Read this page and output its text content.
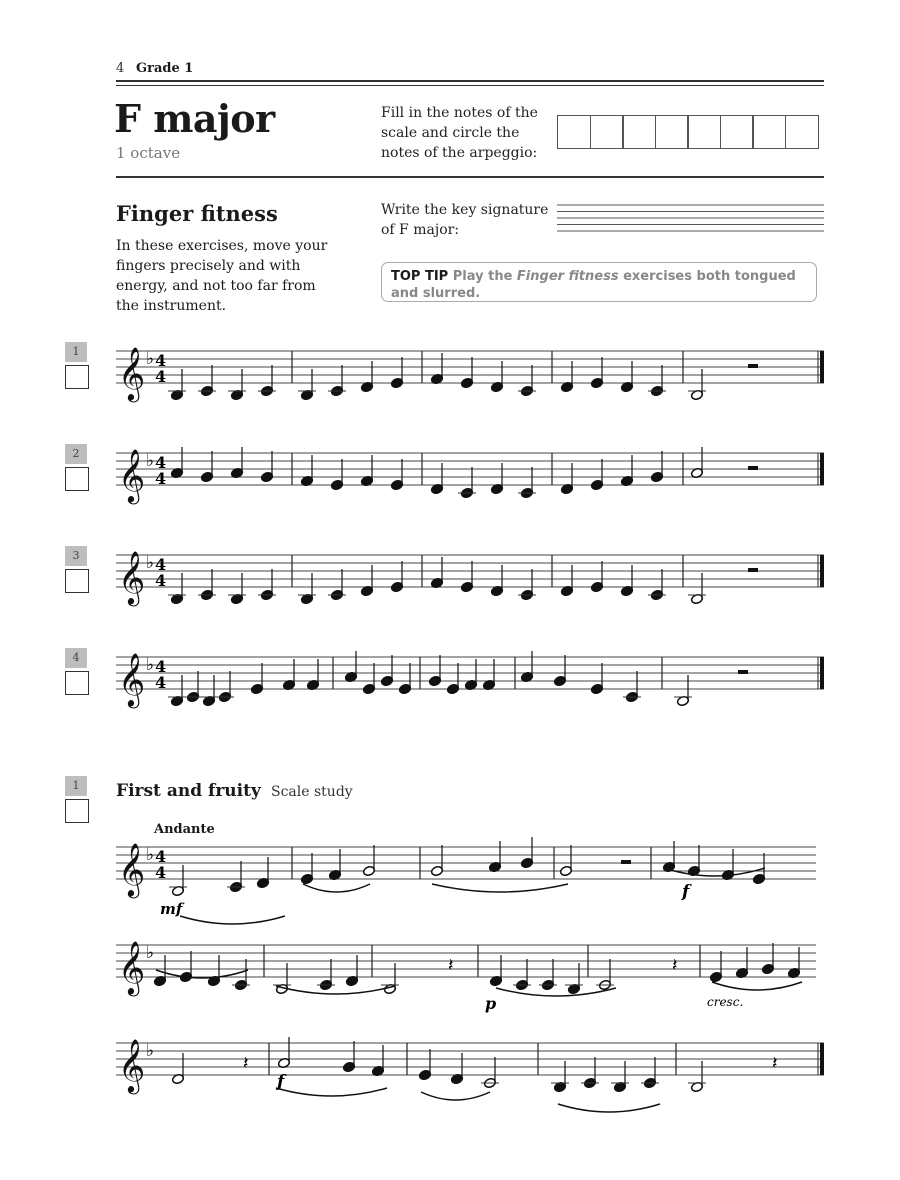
4 Grade 1
F major
1 octave
Fill in the notes of the
scale and circle the
notes of the arpeggio:
Finger fitness
In these exercises, move your fingers precisely and with energy, and not too far from the instrument.
Write the key signature
of F major:
TOP TIP Play the Finger fitness exercises both tongued and slurred.
1
2
3
4
1	First and fruity Scale study
Andante
𝄞 ♭ 4
4
𝄞 ♭ 4
4
𝄞 ♭ 4
4
𝄞 ♭ 4
4
𝄞 ♭ 4
4
𝄞 ♭
𝄽	𝄽
𝄞 ♭
𝄽	𝄽
mf
f
p	cresc.
f
